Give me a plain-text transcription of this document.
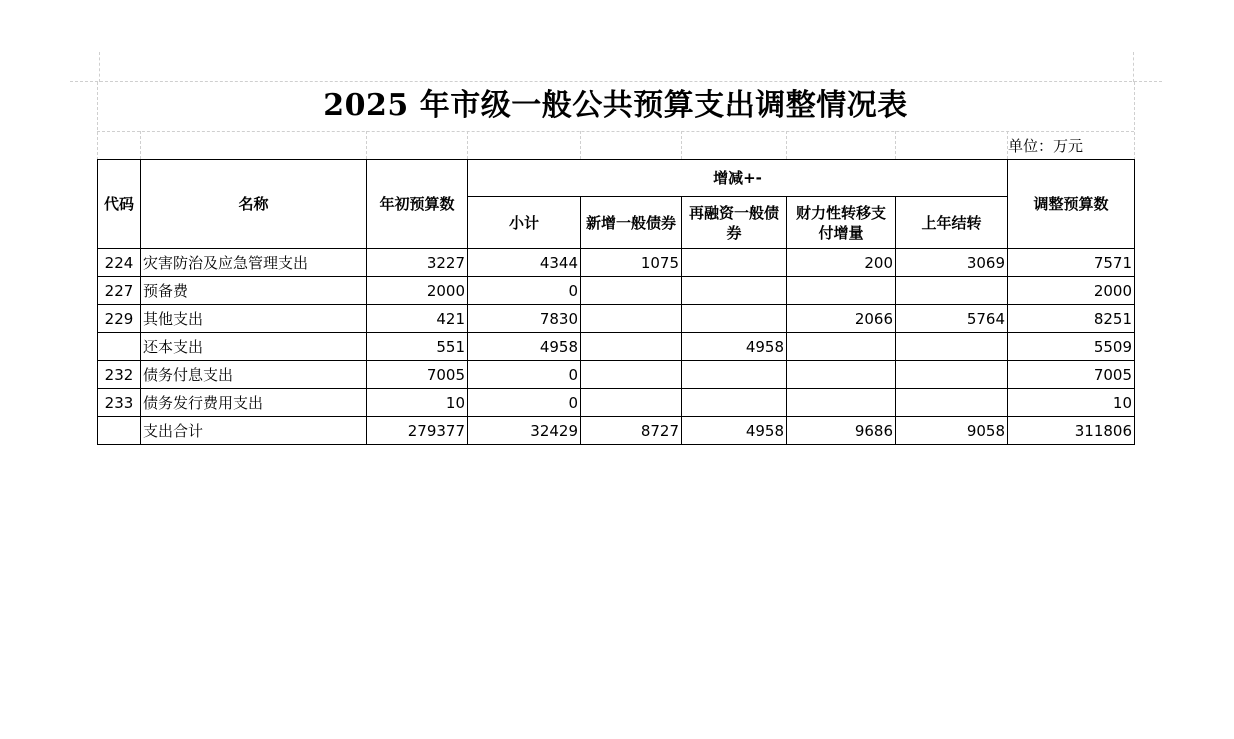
2025 年市级一般公共预算支出调整情况表
单位：万元
代码	名称	年初预算数	增减+-					调整预算数
			小计	新增一般债券	再融资一般债券	财力性转移支付增量	上年结转	
224	灾害防治及应急管理支出	3227	4344	1075		200	3069	7571
227	预备费	2000	0					2000
229	其他支出	421	7830			2066	5764	8251
	还本支出	551	4958		4958			5509
232	债务付息支出	7005	0					7005
233	债务发行费用支出	10	0					10
	支出合计	279377	32429	8727	4958	9686	9058	311806
